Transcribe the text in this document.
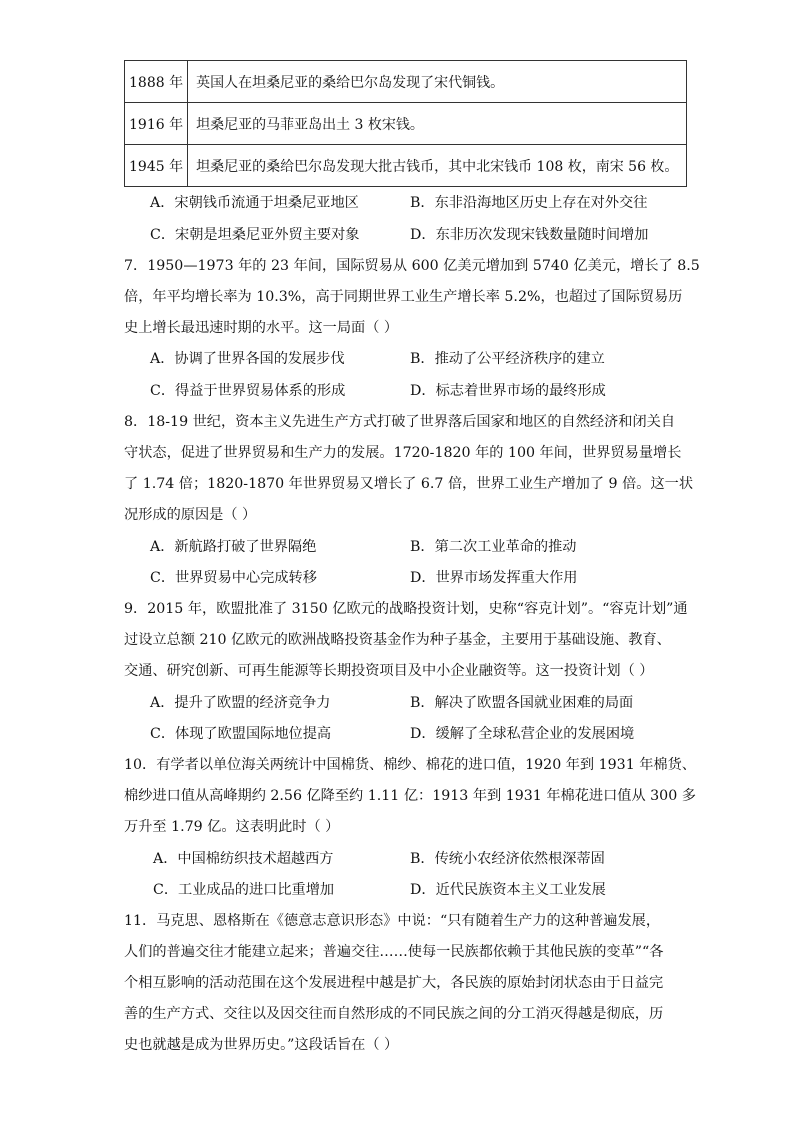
1888 年	英国人在坦桑尼亚的桑给巴尔岛发现了宋代铜钱。
1916 年	坦桑尼亚的马菲亚岛出土 3 枚宋钱。
1945 年	坦桑尼亚的桑给巴尔岛发现大批古钱币，其中北宋钱币 108 枚，南宋 56 枚。
A．宋朝钱币流通于坦桑尼亚地区	B．东非沿海地区历史上存在对外交往
C．宋朝是坦桑尼亚外贸主要对象	D．东非历次发现宋钱数量随时间增加
7．1950—1973 年的 23 年间，国际贸易从 600 亿美元增加到 5740 亿美元，增长了 8.5
倍，年平均增长率为 10.3%，高于同期世界工业生产增长率 5.2%，也超过了国际贸易历
史上增长最迅速时期的水平。这一局面（ ）
A．协调了世界各国的发展步伐	B．推动了公平经济秩序的建立
C．得益于世界贸易体系的形成	D．标志着世界市场的最终形成
8．18-19 世纪，资本主义先进生产方式打破了世界落后国家和地区的自然经济和闭关自
守状态，促进了世界贸易和生产力的发展。1720-1820 年的 100 年间，世界贸易量增长
了 1.74 倍；1820-1870 年世界贸易又增长了 6.7 倍，世界工业生产增加了 9 倍。这一状
况形成的原因是（ ）
A．新航路打破了世界隔绝	B．第二次工业革命的推动
C．世界贸易中心完成转移	D．世界市场发挥重大作用
9．2015 年，欧盟批准了 3150 亿欧元的战略投资计划，史称“容克计划”。“容克计划”通
过设立总额 210 亿欧元的欧洲战略投资基金作为种子基金，主要用于基础设施、教育、
交通、研究创新、可再生能源等长期投资项目及中小企业融资等。这一投资计划（ ）
A．提升了欧盟的经济竞争力	B．解决了欧盟各国就业困难的局面
C．体现了欧盟国际地位提高	D．缓解了全球私营企业的发展困境
10．有学者以单位海关两统计中国棉货、棉纱、棉花的进口值，1920 年到 1931 年棉货、
棉纱进口值从高峰期约 2.56 亿降至约 1.11 亿：1913 年到 1931 年棉花进口值从 300 多
万升至 1.79 亿。这表明此时（ ）
A．中国棉纺织技术超越西方	B．传统小农经济依然根深蒂固
C．工业成品的进口比重增加	D．近代民族资本主义工业发展
11．马克思、恩格斯在《德意志意识形态》中说：“只有随着生产力的这种普遍发展，
人们的普遍交往才能建立起来；普遍交往……使每一民族都依赖于其他民族的变革”“各
个相互影响的活动范围在这个发展进程中越是扩大，各民族的原始封闭状态由于日益完
善的生产方式、交往以及因交往而自然形成的不同民族之间的分工消灭得越是彻底，历
史也就越是成为世界历史。”这段话旨在（ ）
